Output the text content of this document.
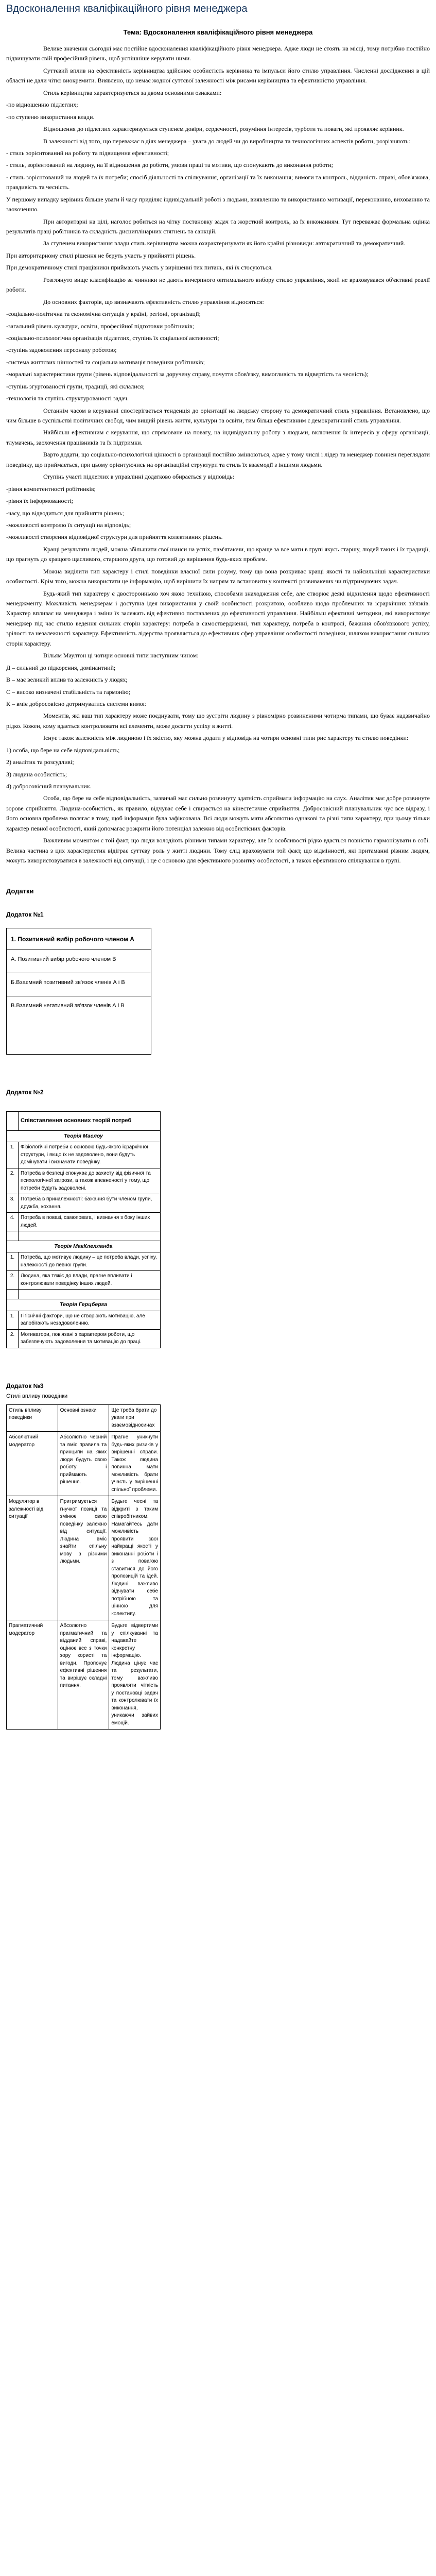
Вдосконалення кваліфікаційного рівня менеджера
Тема: Вдосконалення кваліфікаційного рівня менеджера

Велике значення сьогодні має постійне вдосконалення кваліфікаційного рівня менеджера. Адже люди не стоять на місці, тому потрібно постійно підвищувати свій професійний рівень, щоб успішніше керувати ними.

Суттєвий вплив на ефективність керівництва здійснює особистість керівника та імпульси його стилю управління. Численні дослідження в цій області не дали чітко виокремити. Виявлено, що немає жодної суттєвої залежності між рисами керівництва та ефективністю управління.

Стиль керівництва характеризується за двома основними ознаками:

-по відношенню підлеглих;

-по ступеню використання влади.

Відношення до підлеглих характеризується ступенем довіри, сердечності, розуміння інтересів, турботи та поваги, які проявляє керівник.

В залежності від того, що переважає в діях менеджера – увага до людей чи до виробництва та технологічних аспектів роботи, розрізняють:

- стиль зорієнтований на роботу та підвищення ефективності;

- стиль, зорієнтований на людину, на її відношення до роботи, умови праці та мотиви, що спонукають до виконання роботи;

- стиль зорієнтований на людей та їх потреби; спосіб діяльності та спілкування, організації та їх виконання; вимоги та контроль, відданість справі, обов'язкова, правдивість та чесність.

У першому випадку керівник більше уваги й часу приділяє індивідуальній роботі з людьми, виявленню та використанню мотивації, переконанню, вихованню та заохоченню.

При авторитарні на цілі, наголос робиться на чітку постановку задач та жорсткий контроль, за їх виконанням. Тут переважає формальна оцінка результатів праці робітників та складність дисциплінарних стягнень та санкцій.

За ступенем використання влади стиль керівництва можна охарактеризувати як його крайні різновиди: автократичний та демократичний.

При авторитарному стилі рішення не беруть участь у прийнятті рішень.

При демократичному стилі працівники приймають участь у вирішенні тих питань, які їх стосуються.

Розглянуто вище класифікацію за чинники не дають вичерпного оптимального вибору стилю управління, який не враховувався об'єктивні реалії роботи.

До основних факторів, що визначають ефективність стилю управління відносяться:

-соціально-політична та економічна ситуація у країні, регіоні, організації;

-загальний рівень культури, освіти, професійної підготовки робітників;

-соціально-психологічна організація підлеглих, ступінь їх соціальної активності;

-ступінь задоволення персоналу роботою;

-система життєвих цінностей та соціальна мотивація поведінки робітників;

-моральні характеристики групи (рівень відповідальності за доручену справу, почуття обов'язку, вимогливість та відвертість та чесність);

-ступінь згуртованості групи, традиції, які склалися;

-технологія та ступінь структурованості задач.

Останнім часом в керуванні спостерігається тенденція до орієнтації на людську сторону та демократичний стиль управління. Встановлено, що чим більше в суспільстві політичних свобод, чим вищий рівень життя, культури та освіти, тим більш ефективним є демократичний стиль управління.

Найбільш ефективним є керування, що спрямоване на повагу, на індивідуальну роботу з людьми, включення їх інтересів у сферу організації, тлумачень, заохочення працівників та їх підтримки.

Варто додати, що соціально-психологічні цінності в організації постійно змінюються, адже у тому числі і лідер та менеджер повинен переглядати поведінку, що приймається, при цьому орієнтуючись на організаційні структури та стиль їх взаємодії з іншими людьми.

Ступінь участі підлеглих в управлінні додатково обирається у відповідь:

-рівня компетентності робітників;

-рівня їх інформованості;

-часу, що відводиться для прийняття рішень;

-можливості контролю їх ситуації на відповідь;

-можливості створення відповідної структури для прийняття колективних рішень.

Кращі результати людей, можна збільшити свої шанси на успіх, пам'ятаючи, що краще за все мати в групі якусь старшу, людей таких і їх традиції, що прагнуть до кращого щасливого, старшого друга, що готовий до вирішення будь-яких проблем.

Можна виділити тип характеру і стилі поведінки власної сили розуму, тому що вона розкриває кращі якості та найсильніші характеристики особистості. Крім того, можна використати це інформацію, щоб вирішити їх напрям та встановити у контексті розвиваючих чи підтримуючих задач.

Будь-який тип характеру є двосторонньою хоч якою технікою, способами знаходження себе, але створює деякі відхилення щодо ефективності менеджменту. Можливість менеджерам і доступна ідея використання у своїй особистості розкритою, особливо щодо проблемних та ієрархічних зв'язків. Характер впливає на менеджера і зміни їх залежать від ефективно поставлених до ефективності управління. Найбільш ефективні методики, які використовує менеджер під час стилю ведення сильних сторін характеру: потреба в самоствердженні, тип характеру, потреба в контролі, бажання обов'язкового успіху, зрілості та незалежності характеру. Ефективність лідерства проявляється до ефективних сфер управління особистості поведінки, шляхом використання сильних сторін характеру.

Вільям Маултон ці чотири основні типи наступним чином:

Д – сильний до підкорення, домінантний;

В – має великий вплив та залежність у людях;

С – високо визначені стабільність та гармонію;

К – вміє добросовісно дотримуватись системи вимог.

Моментів, які ваш тип характеру може поєднувати, тому що зустріти людину з рівномірно розвиненими чотирма типами, що буває надзвичайно рідко. Кожен, кому вдається контролювати всі елементи, може досягти успіху в житті.

Існує також залежність між людиною і їх якістю, яку можна додати у відповідь на чотири основні типи рис характеру та стилю поведінки:

1) особа, що бере на себе відповідальність;

2) аналітик та розсудливі;

3) людина особистість;

4) добросовісний планувальник.

Особа, що бере на себе відповідальність, зазвичай має сильно розвинуту здатність сприймати інформацію на слух. Аналітик має добре розвинуте зорове сприйняття. Людина-особистість, як правило, відчуває себе і спирається на кінестетичне сприйняття. Добросовісний планувальник чує все відразу, і його основна проблема полягає в тому, щоб інформація була зафіксована. Всі люди можуть мати абсолютно однакові та різні типи характеру, при цьому тільки характер певної особистості, який допомагає розкрити його потенціал залежно від особистісних факторів.

Важливим моментом є той факт, що люди володіють різними типами характеру, але їх особливості рідко вдається повністю гармонізувати в собі. Велика частина з цих характеристик відіграє суттєву роль у житті людини. Тому слід враховувати той факт, що відмінності, які притаманні різним людям, можуть використовуватися в залежності від ситуації, і це є основою для ефективного розвитку особистості, а також ефективного спілкування в групі.

Додатки
Додаток №1
1. Позитивний вибір робочого членом А
А. Позитивний вибір робочого членом В
Б.Взаємний позитивний зв'язок членів А і В
В.Взаємний негативний зв'язок членів А і В
Додаток №2
	Співставлення основних теорій потреб
Теорія Маслоу	
1.	Фізіологічні потреби є основою будь-якого ієрархічної структури, і якщо їх не задоволено, вони будуть домінувати і визначати поведінку.
2.	Потреба в безпеці спонукає до захисту від фізичної та психологічної загрози, а також впевненості у тому, що потреби будуть задоволені.
3.	Потреба в приналежності: бажання бути членом групи, дружба, кохання.
4.	Потреба в повазі, самоповага, і визнання з боку інших людей.

Теорія МакКлелланда	
1.	Потреба, що мотивує людину – це потреба влади, успіху, належності до певної групи.
2.	Людина, яка тяжіє до влади, прагне впливати і контролювати поведінку інших людей.

Теорія Герцберга	
1.	Гігієнічні фактори, що не створюють мотивацію, але запобігають незадоволенню.
2.	Мотиватори, пов'язані з характером роботи, що забезпечують задоволення та мотивацію до праці.
Додаток №3
Стилі впливу поведінки
Стиль впливу поведінки	Основні ознаки	Ще треба брати до уваги при взаємовідносинах
Абсолютний модератор	Абсолютно чесний та вміє правила та принципи на яких люди будуть свою роботу і приймають рішення.	Прагне уникнути будь-яких ризиків у вирішенні справи. Також людина повинна мати можливість брати участь у вирішенні спільної проблеми.
Модулятор в залежності від ситуації	Притримується гнучкої позиції та змінює свою поведінку залежно від ситуації. Людина вміє знайти спільну мову з різними людьми.	Будьте чесні та відкриті з таким співробітником. Намагайтесь дати можливість проявити свої найкращі якості у виконанні роботи і з повагою ставитися до його пропозицій та ідей. Людині важливо відчувати себе потрібною та цінною для колективу.
Прагматичний модератор	Абсолютно прагматичний та відданий справі, оцінює все з точки зору користі та вигоди. Пропонує ефективні рішення та вирішує складні питання.	Будьте відвертими у спілкуванні та надавайте конкретну інформацію. Людина цінує час та результати, тому важливо проявляти чіткість у постановці задач та контролювати їх виконання, уникаючи зайвих емоцій.
